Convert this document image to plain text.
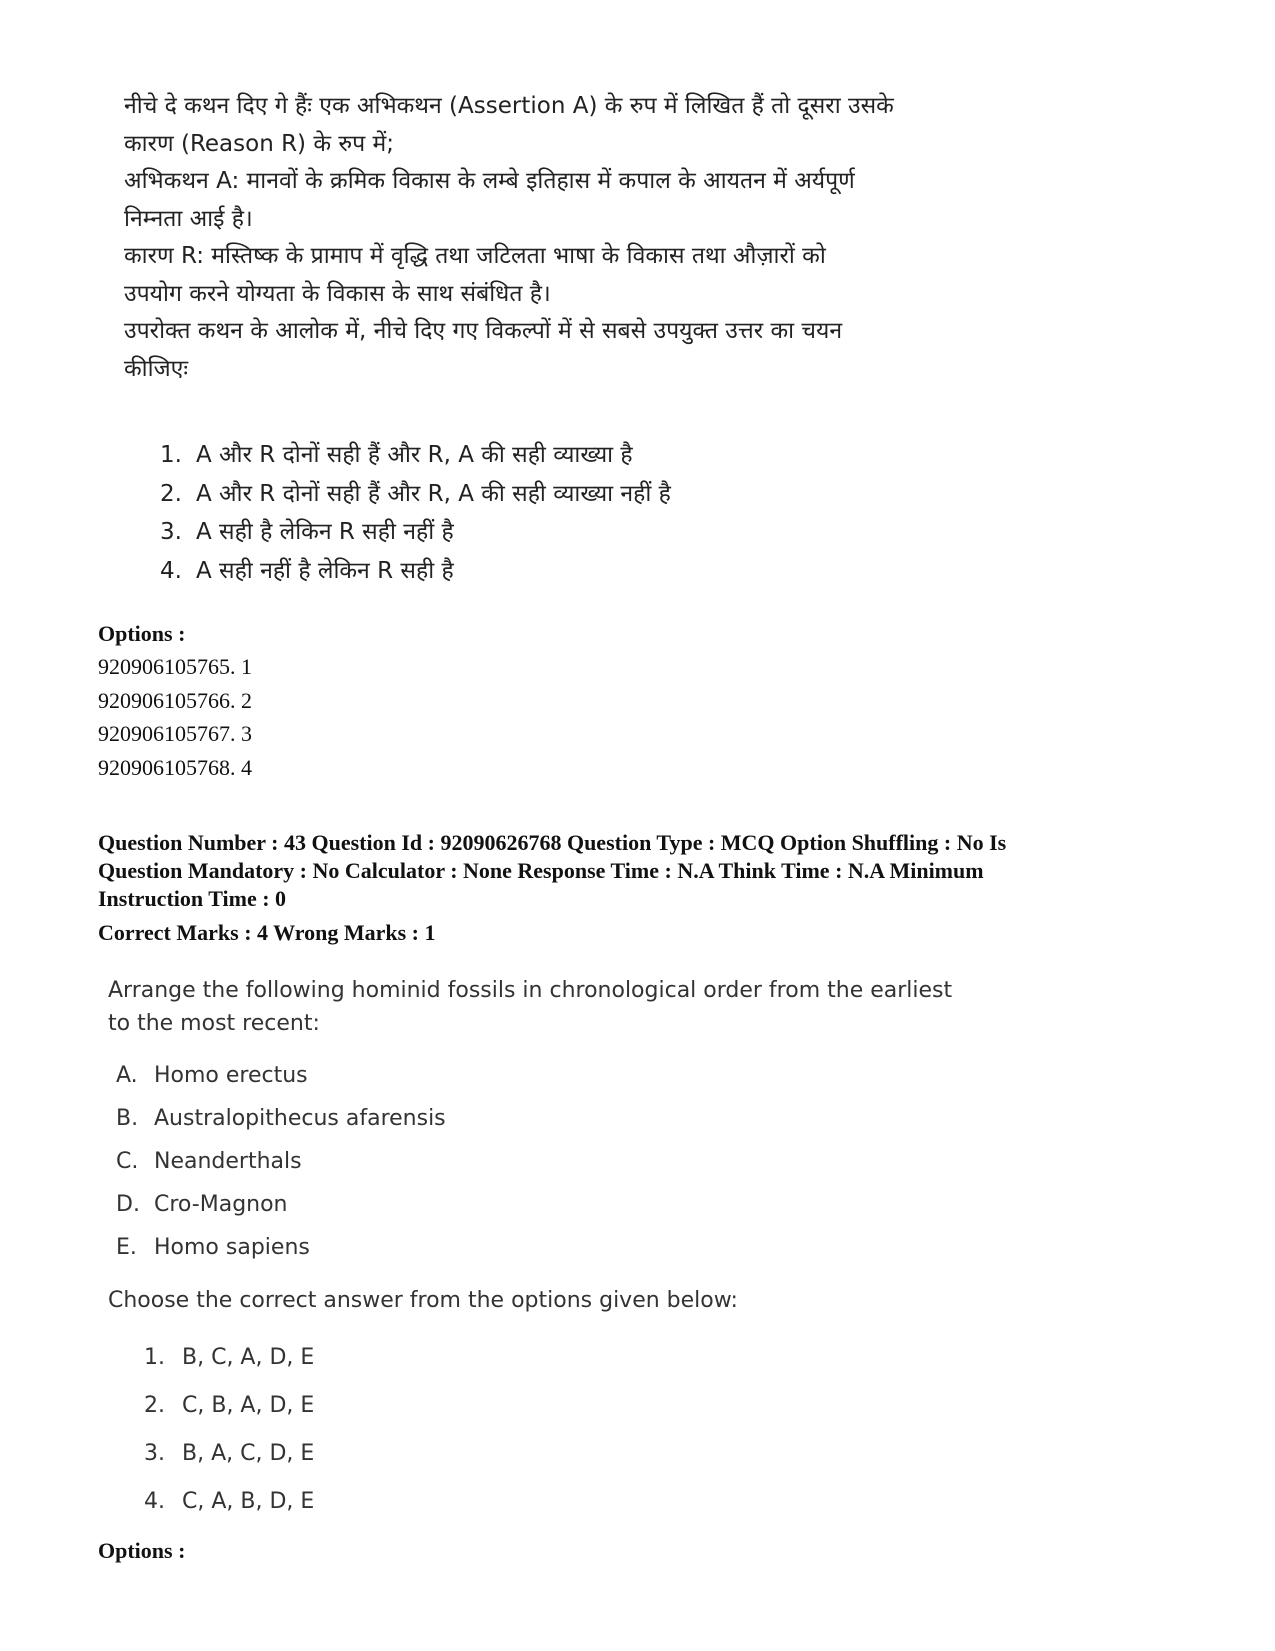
नीचे दे कथन दिए गे हैंः एक अभिकथन (Assertion A) के रुप में लिखित हैं तो दूसरा उसके

कारण (Reason R) के रुप में;

अभिकथन A: मानवों के क्रमिक विकास के लम्बे इतिहास में कपाल के आयतन में अर्यपूर्ण

निम्नता आई है।

कारण R: मस्तिष्क के प्रामाप में वृद्धि तथा जटिलता भाषा के विकास तथा औज़ारों को

उपयोग करने योग्यता के विकास के साथ संबंधित है।

उपरोक्त कथन के आलोक में, नीचे दिए गए विकल्पों में से सबसे उपयुक्त उत्तर का चयन

कीजिएः

1. A और R दोनों सही हैं और R, A की सही व्याख्या है
2. A और R दोनों सही हैं और R, A की सही व्याख्या नहीं है
3. A सही है लेकिन R सही नहीं है
4. A सही नहीं है लेकिन R सही है

Options :

920906105765. 1

920906105766. 2

920906105767. 3

920906105768. 4

Question Number : 43 Question Id : 92090626768 Question Type : MCQ Option Shuffling : No Is

Question Mandatory : No Calculator : None Response Time : N.A Think Time : N.A Minimum

Instruction Time : 0

Correct Marks : 4 Wrong Marks : 1

Arrange the following hominid fossils in chronological order from the earliest

to the most recent:

A. Homo erectus
B. Australopithecus afarensis
C. Neanderthals
D. Cro-Magnon
E. Homo sapiens

Choose the correct answer from the options given below:

1. B, C, A, D, E
2. C, B, A, D, E
3. B, A, C, D, E
4. C, A, B, D, E

Options :
